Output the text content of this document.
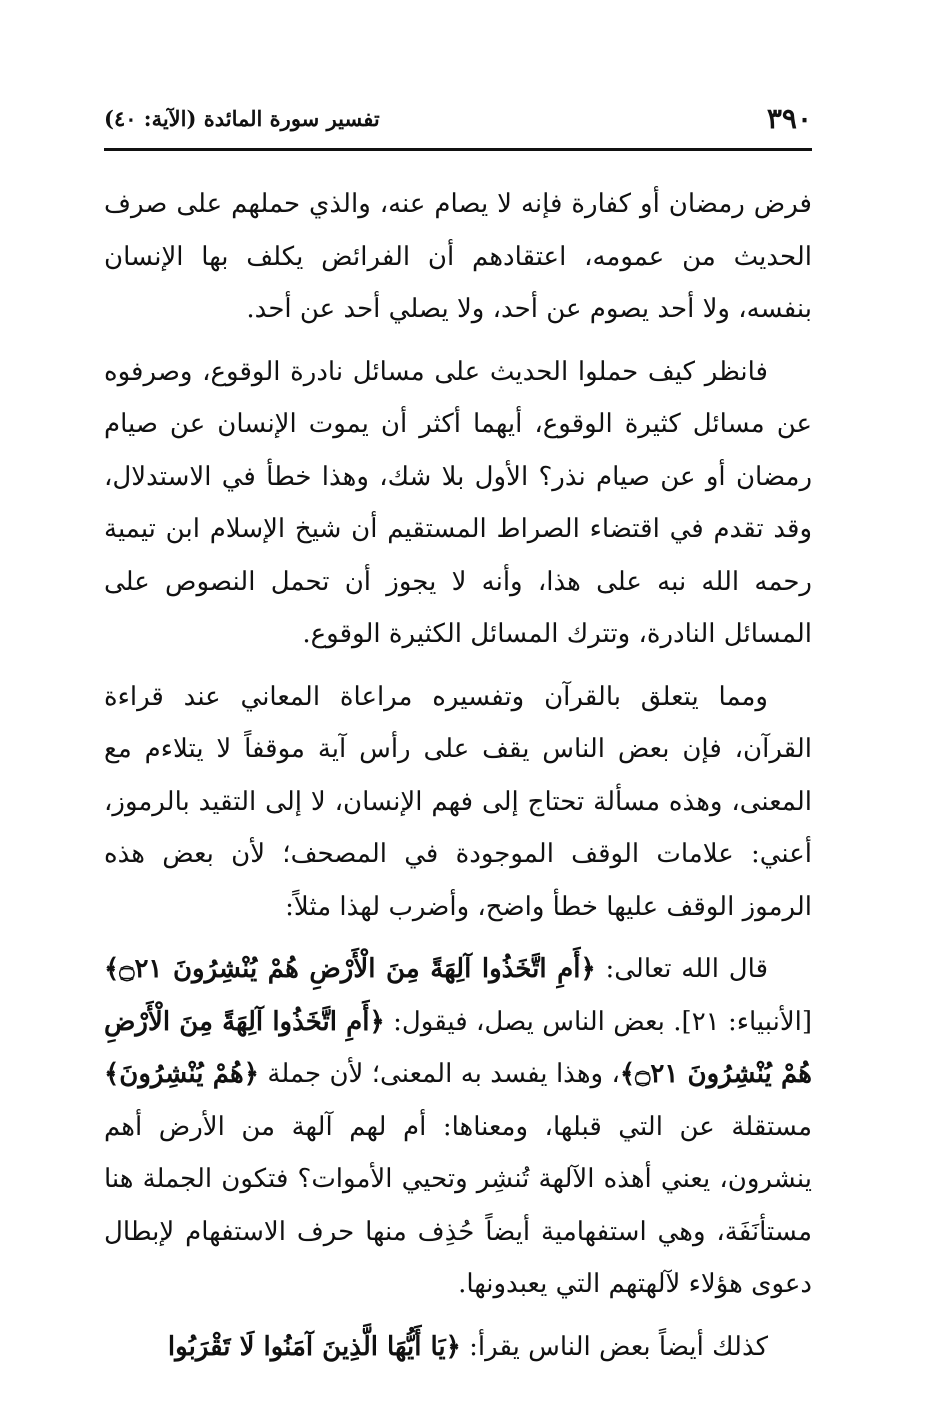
٣٩٠
تفسير سورة المائدة (الآية: ٤٠)

فرض رمضان أو كفارة فإنه لا يصام عنه، والذي حملهم على صرف الحديث من عمومه، اعتقادهم أن الفرائض يكلف بها الإنسان بنفسه، ولا أحد يصوم عن أحد، ولا يصلي أحد عن أحد.

فانظر كيف حملوا الحديث على مسائل نادرة الوقوع، وصرفوه عن مسائل كثيرة الوقوع، أيهما أكثر أن يموت الإنسان عن صيام رمضان أو عن صيام نذر؟ الأول بلا شك، وهذا خطأ في الاستدلال، وقد تقدم في اقتضاء الصراط المستقيم أن شيخ الإسلام ابن تيمية رحمه الله نبه على هذا، وأنه لا يجوز أن تحمل النصوص على المسائل النادرة، وتترك المسائل الكثيرة الوقوع.

ومما يتعلق بالقرآن وتفسيره مراعاة المعاني عند قراءة القرآن، فإن بعض الناس يقف على رأس آية موقفاً لا يتلاءم مع المعنى، وهذه مسألة تحتاج إلى فهم الإنسان، لا إلى التقيد بالرموز، أعني: علامات الوقف الموجودة في المصحف؛ لأن بعض هذه الرموز الوقف عليها خطأ واضح، وأضرب لهذا مثلاً:

قال الله تعالى: ﴿أَمِ اتَّخَذُوا آلِهَةً مِنَ الْأَرْضِ هُمْ يُنْشِرُونَ ۝٢١﴾ [الأنبياء: ٢١]. بعض الناس يصل، فيقول: ﴿أَمِ اتَّخَذُوا آلِهَةً مِنَ الْأَرْضِ هُمْ يُنْشِرُونَ ۝٢١﴾، وهذا يفسد به المعنى؛ لأن جملة ﴿هُمْ يُنْشِرُونَ﴾ مستقلة عن التي قبلها، ومعناها: أم لهم آلهة من الأرض أهم ينشرون، يعني أهذه الآلهة تُنشِر وتحيي الأموات؟ فتكون الجملة هنا مستأنَفَة، وهي استفهامية أيضاً حُذِف منها حرف الاستفهام لإبطال دعوى هؤلاء لآلهتهم التي يعبدونها.

كذلك أيضاً بعض الناس يقرأ: ﴿يَا أَيُّهَا الَّذِينَ آمَنُوا لَا تَقْرَبُوا
